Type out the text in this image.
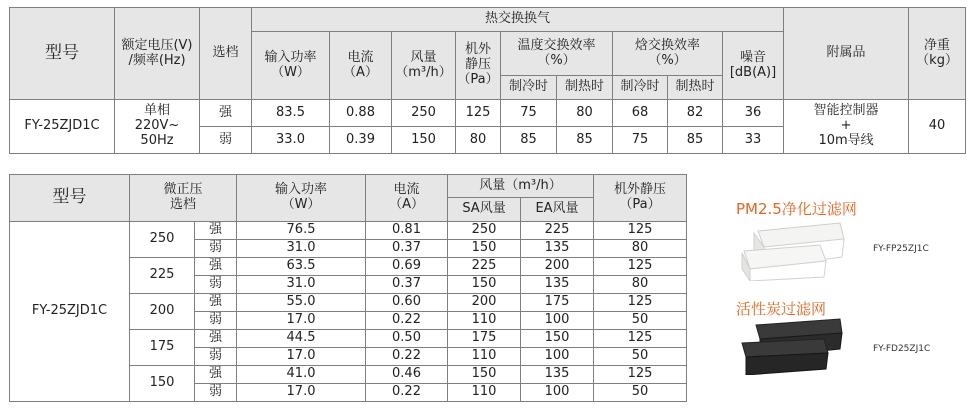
型号	额定电压(V)
/频率(Hz)	选档	热交换换气									附属品	净重
（kg）
			输入功率
（W）	电流
（A）	风量
（m³/h）	机外
静压
（Pa）	温度交换效率
（%）		焓交换效率
（%）		噪音
[dB(A)]		
							制冷时	制热时	制冷时	制热时			
FY-25ZJD1C	单相
220V~
50Hz	强	83.5	0.88	250	125	75	80	68	82	36	智能控制器
+
10m导线	40
		弱	33.0	0.39	150	80	85	85	75	85	33		
型号	微正压
选档		输入功率
（W）	电流
（A）	风量（m³/h）		机外静压
（Pa）
					SA风量	EA风量	
FY-25ZJD1C	250	强	76.5	0.81	250	225	125
		弱	31.0	0.37	150	135	80
	225	强	63.5	0.69	225	200	125
		弱	31.0	0.37	150	135	80
	200	强	55.0	0.60	200	175	125
		弱	17.0	0.22	110	100	50
	175	强	44.5	0.50	175	150	125
		弱	17.0	0.22	110	100	50
	150	强	41.0	0.46	150	135	125
		弱	17.0	0.22	110	100	50
PM2.5净化过滤网
FY-FP25ZJ1C
活性炭过滤网
FY-FD25ZJ1C
